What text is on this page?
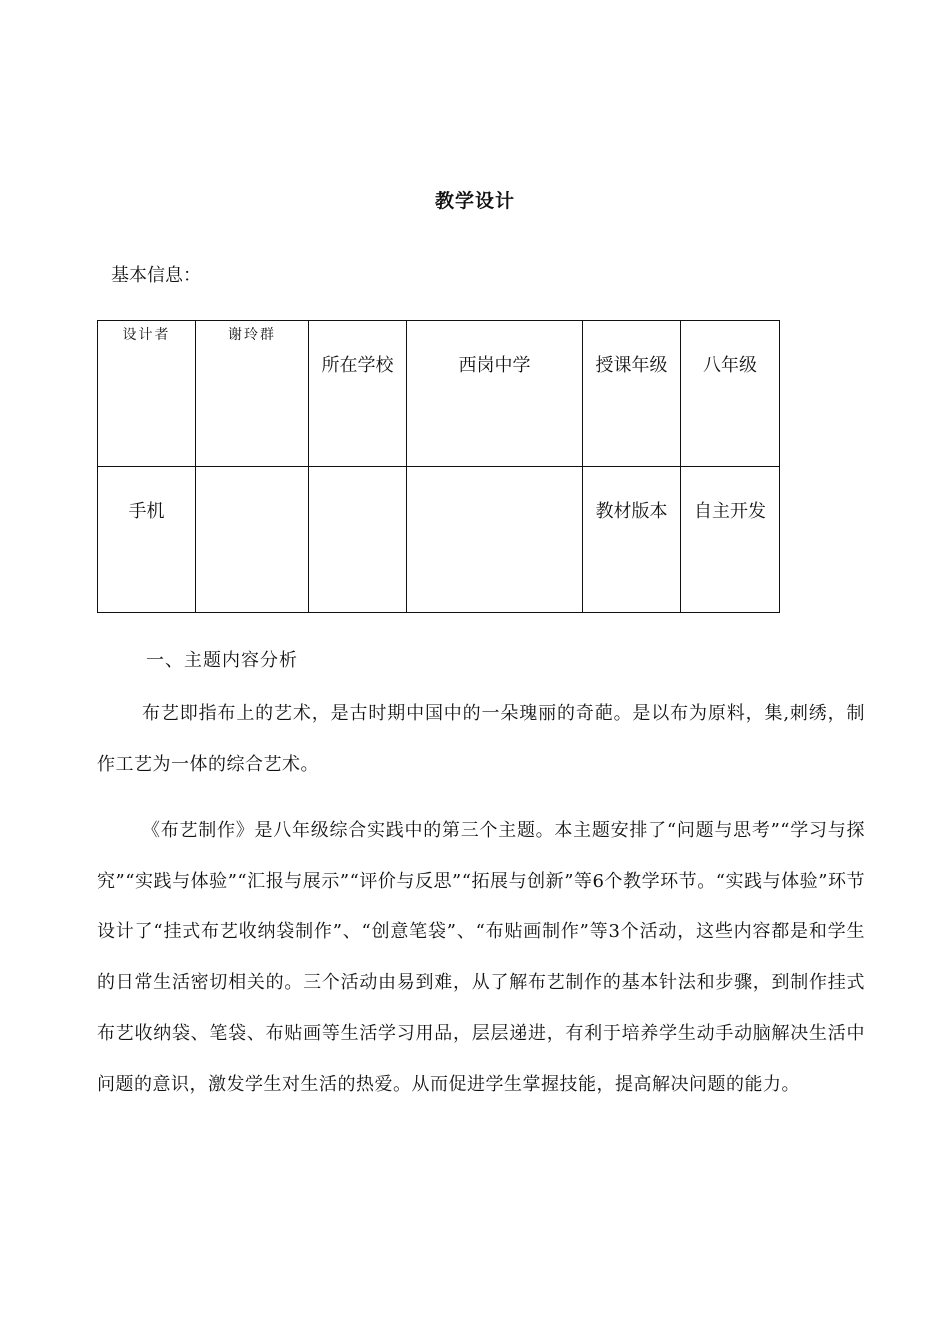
教学设计
基本信息：
设计者	谢玲群	所在学校	西岗中学	授课年级	八年级
手机				教材版本	自主开发
一、主题内容分析
布艺即指布上的艺术，是古时期中国中的一朵瑰丽的奇葩。是以布为原料，集,刺绣，制作工艺为一体的综合艺术。
《布艺制作》是八年级综合实践中的第三个主题。本主题安排了“问题与思考”“学习与探究”“实践与体验”“汇报与展示”“评价与反思”“拓展与创新”等6个教学环节。“实践与体验”环节设计了“挂式布艺收纳袋制作”、“创意笔袋”、“布贴画制作”等3个活动，这些内容都是和学生的日常生活密切相关的。三个活动由易到难，从了解布艺制作的基本针法和步骤，到制作挂式布艺收纳袋、笔袋、布贴画等生活学习用品，层层递进，有利于培养学生动手动脑解决生活中问题的意识，激发学生对生活的热爱。从而促进学生掌握技能，提高解决问题的能力。
